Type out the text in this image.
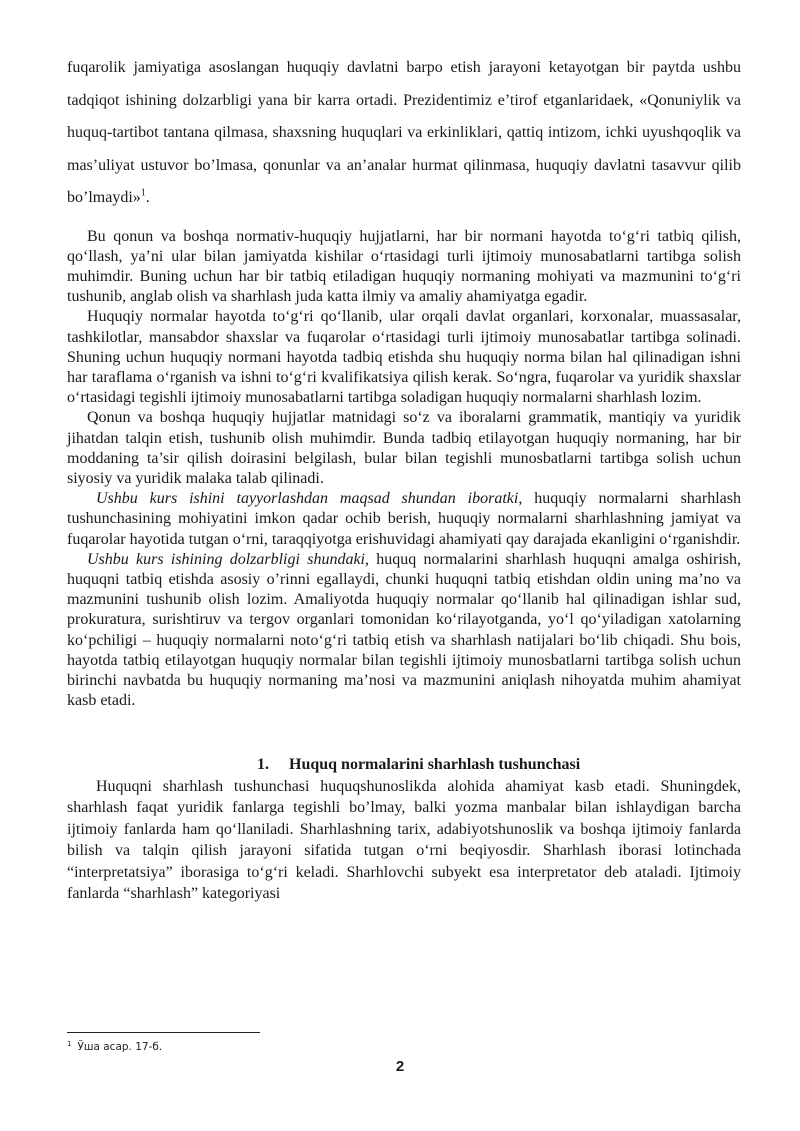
fuqarolik jamiyatiga asoslangan huquqiy davlatni barpo etish jarayoni ketayotgan bir paytda ushbu tadqiqot ishining dolzarbligi yana bir karra ortadi. Prezidentimiz e’tirof etganlaridaek, «Qonuniylik va huquq-tartibot tantana qilmasa, shaxsning huquqlari va erkinliklari, qattiq intizom, ichki uyushqoqlik va mas’uliyat ustuvor bo’lmasa, qonunlar va an’analar hurmat qilinmasa, huquqiy davlatni tasavvur qilib bo’lmaydi»$^1$.

Bu qonun va boshqa normativ-huquqiy hujjatlarni, har bir normani hayotda to‘g‘ri tatbiq qilish, qo‘llash, ya’ni ular bilan jamiyatda kishilar o‘rtasidagi turli ijtimoiy munosabatlarni tartibga solish muhimdir. Buning uchun har bir tatbiq etiladigan huquqiy normaning mohiyati va mazmunini to‘g‘ri tushunib, anglab olish va sharhlash juda katta ilmiy va amaliy ahamiyatga egadir.

Huquqiy normalar hayotda to‘g‘ri qo‘llanib, ular orqali davlat organlari, korxonalar, muassasalar, tashkilotlar, mansabdor shaxslar va fuqarolar o‘rtasidagi turli ijtimoiy munosabatlar tartibga solinadi. Shuning uchun huquqiy normani hayotda tadbiq etishda shu huquqiy norma bilan hal qilinadigan ishni har taraflama o‘rganish va ishni to‘g‘ri kvalifikatsiya qilish kerak. So‘ngra, fuqarolar va yuridik shaxslar o‘rtasidagi tegishli ijtimoiy munosabatlarni tartibga soladigan huquqiy normalarni sharhlash lozim.

Qonun va boshqa huquqiy hujjatlar matnidagi so‘z va iboralarni grammatik, mantiqiy va yuridik jihatdan talqin etish, tushunib olish muhimdir. Bunda tadbiq etilayotgan huquqiy normaning, har bir moddaning ta’sir qilish doirasini belgilash, bular bilan tegishli munosbatlarni tartibga solish uchun siyosiy va yuridik malaka talab qilinadi.

Ushbu kurs ishini tayyorlashdan maqsad shundan iboratki, huquqiy normalarni sharhlash tushunchasining mohiyatini imkon qadar ochib berish, huquqiy normalarni sharhlashning jamiyat va fuqarolar hayotida tutgan o‘rni, taraqqiyotga erishuvidagi ahamiyati qay darajada ekanligini o‘rganishdir.

Ushbu kurs ishining dolzarbligi shundaki, huquq normalarini sharhlash huquqni amalga oshirish, huquqni tatbiq etishda asosiy o’rinni egallaydi, chunki huquqni tatbiq etishdan oldin uning ma’no va mazmunini tushunib olish lozim. Amaliyotda huquqiy normalar qo‘llanib hal qilinadigan ishlar sud, prokuratura, surishtiruv va tergov organlari tomonidan ko‘rilayotganda, yo‘l qo‘yiladigan xatolarning ko‘pchiligi – huquqiy normalarni noto‘g‘ri tatbiq etish va sharhlash natijalari bo‘lib chiqadi. Shu bois, hayotda tatbiq etilayotgan huquqiy normalar bilan tegishli ijtimoiy munosbatlarni tartibga solish uchun birinchi navbatda bu huquqiy normaning ma’nosi va mazmunini aniqlash nihoyatda muhim ahamiyat kasb etadi.

1. Huquq normalarini sharhlash tushunchasi

Huquqni sharhlash tushunchasi huquqshunoslikda alohida ahamiyat kasb etadi. Shuningdek, sharhlash faqat yuridik fanlarga tegishli bo’lmay, balki yozma manbalar bilan ishlaydigan barcha ijtimoiy fanlarda ham qo‘llaniladi. Sharhlashning tarix, adabiyotshunoslik va boshqa ijtimoiy fanlarda bilish va talqin qilish jarayoni sifatida tutgan o‘rni beqiyosdir. Sharhlash iborasi lotinchada “interpretatsiya” iborasiga to‘g‘ri keladi. Sharhlovchi subyekt esa interpretator deb ataladi. Ijtimoiy fanlarda “sharhlash” kategoriyasi

$^1$ Ўша асар. 17-б.
2
